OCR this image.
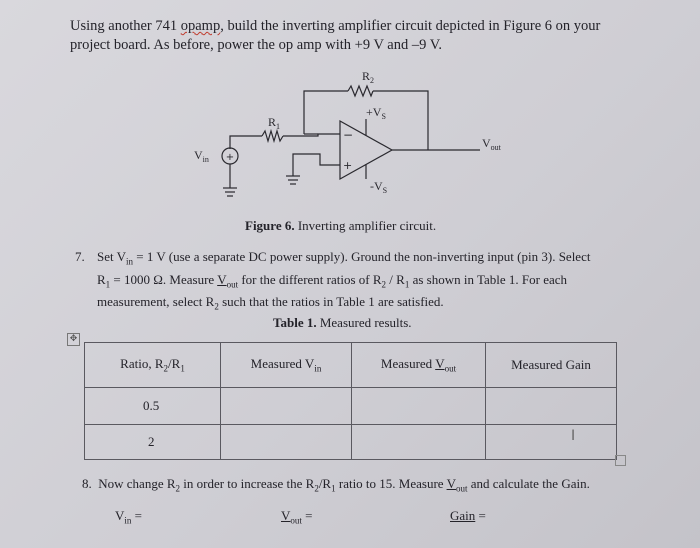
Using another 741 opamp, build the inverting amplifier circuit depicted in Figure 6 on your
project board. As before, power the op amp with +9 V and –9 V.
+
−
+
$R_2$
$R_1$
$+V_S$
$-V_S$
$V_{in}$
$V_{out}$
Figure 6. Inverting amplifier circuit.
7. Set $V_{in} = 1$ V (use a separate DC power supply). Ground the non-inverting input (pin 3). Select
$R_1 = 1000$ Ω. Measure $V_{out}$ for the different ratios of $R_2 / R_1$ as shown in Table 1. For each
measurement, select $R_2$ such that the ratios in Table 1 are satisfied.
Table 1. Measured results.
✥
Ratio, $R_2/R_1$	Measured $V_{in}$	Measured $V_{out}$	Measured Gain
0.5			
2				I
8. Now change $R_2$ in order to increase the $R_2/R_1$ ratio to 15. Measure $V_{out}$ and calculate the Gain.
$V_{in}$ =	$V_{out}$ =	Gain =
